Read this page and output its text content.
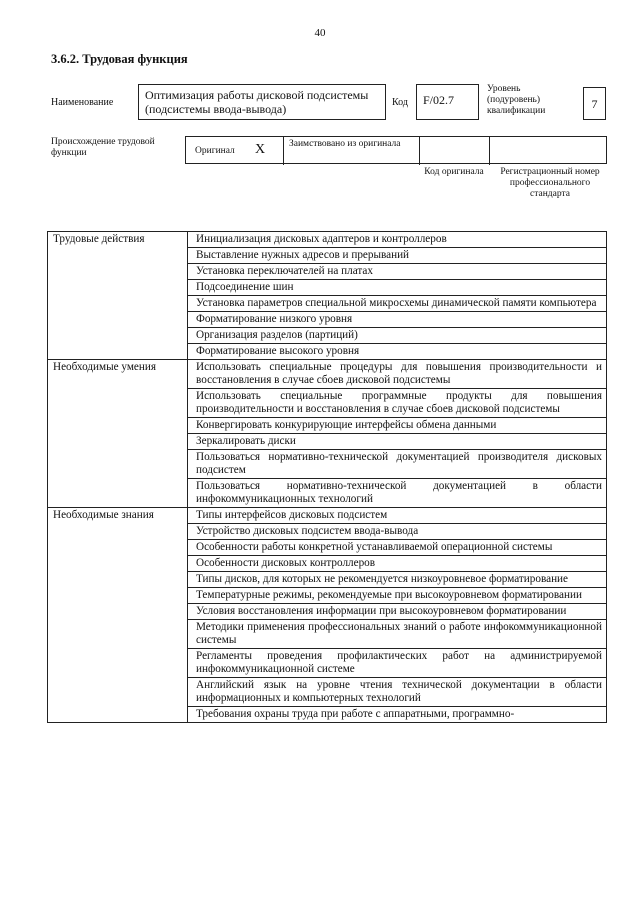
40
3.6.2. Трудовая функция
Наименование
Оптимизация работы дисковой подсистемы (подсистемы ввода-вывода)	Код	F/02.7
Уровень (подуровень) квалификации	7
Происхождение трудовой функции	Оригинал X	Заимствовано из оригинала
Код оригинала	Регистрационный номер профессионального стандарта
Трудовые действия	Инициализация дисковых адаптеров и контроллеров
	Выставление нужных адресов и прерываний
	Установка переключателей на платах
	Подсоединение шин
	Установка параметров специальной микросхемы динамической памяти компьютера
	Форматирование низкого уровня
	Организация разделов (партиций)
	Форматирование высокого уровня
Необходимые умения	Использовать специальные процедуры для повышения производительности и восстановления в случае сбоев дисковой подсистемы
	Использовать специальные программные продукты для повышения производительности и восстановления в случае сбоев дисковой подсистемы
	Конвергировать конкурирующие интерфейсы обмена данными
	Зеркалировать диски
	Пользоваться нормативно-технической документацией производителя дисковых подсистем
	Пользоваться нормативно-технической документацией в области инфокоммуникационных технологий
Необходимые знания	Типы интерфейсов дисковых подсистем
	Устройство дисковых подсистем ввода-вывода
	Особенности работы конкретной устанавливаемой операционной системы
	Особенности дисковых контроллеров
	Типы дисков, для которых не рекомендуется низкоуровневое форматирование
	Температурные режимы, рекомендуемые при высокоуровневом форматировании
	Условия восстановления информации при высокоуровневом форматировании
	Методики применения профессиональных знаний о работе инфокоммуникационной системы
	Регламенты проведения профилактических работ на администрируемой инфокоммуникационной системе
	Английский язык на уровне чтения технической документации в области информационных и компьютерных технологий
	Требования охраны труда при работе с аппаратными, программно-
